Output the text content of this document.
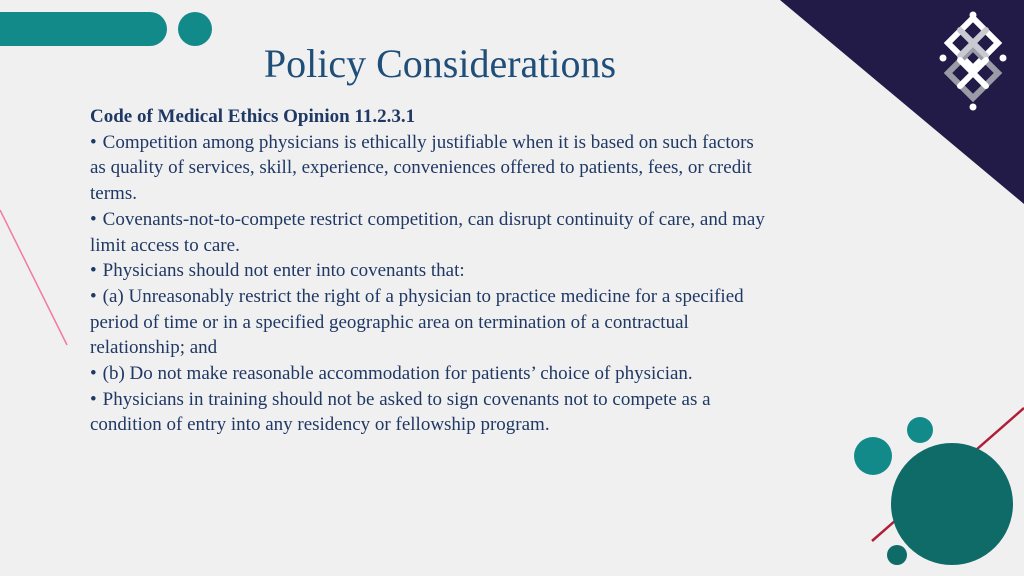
Policy Considerations
Code of Medical Ethics Opinion 11.2.3.1

• Competition among physicians is ethically justifiable when it is based on such factors as quality of services, skill, experience, conveniences offered to patients, fees, or credit terms.

• Covenants-not-to-compete restrict competition, can disrupt continuity of care, and may limit access to care.

• Physicians should not enter into covenants that:

• (a) Unreasonably restrict the right of a physician to practice medicine for a specified period of time or in a specified geographic area on termination of a contractual relationship; and

• (b) Do not make reasonable accommodation for patients’ choice of physician.

• Physicians in training should not be asked to sign covenants not to compete as a condition of entry into any residency or fellowship program.
